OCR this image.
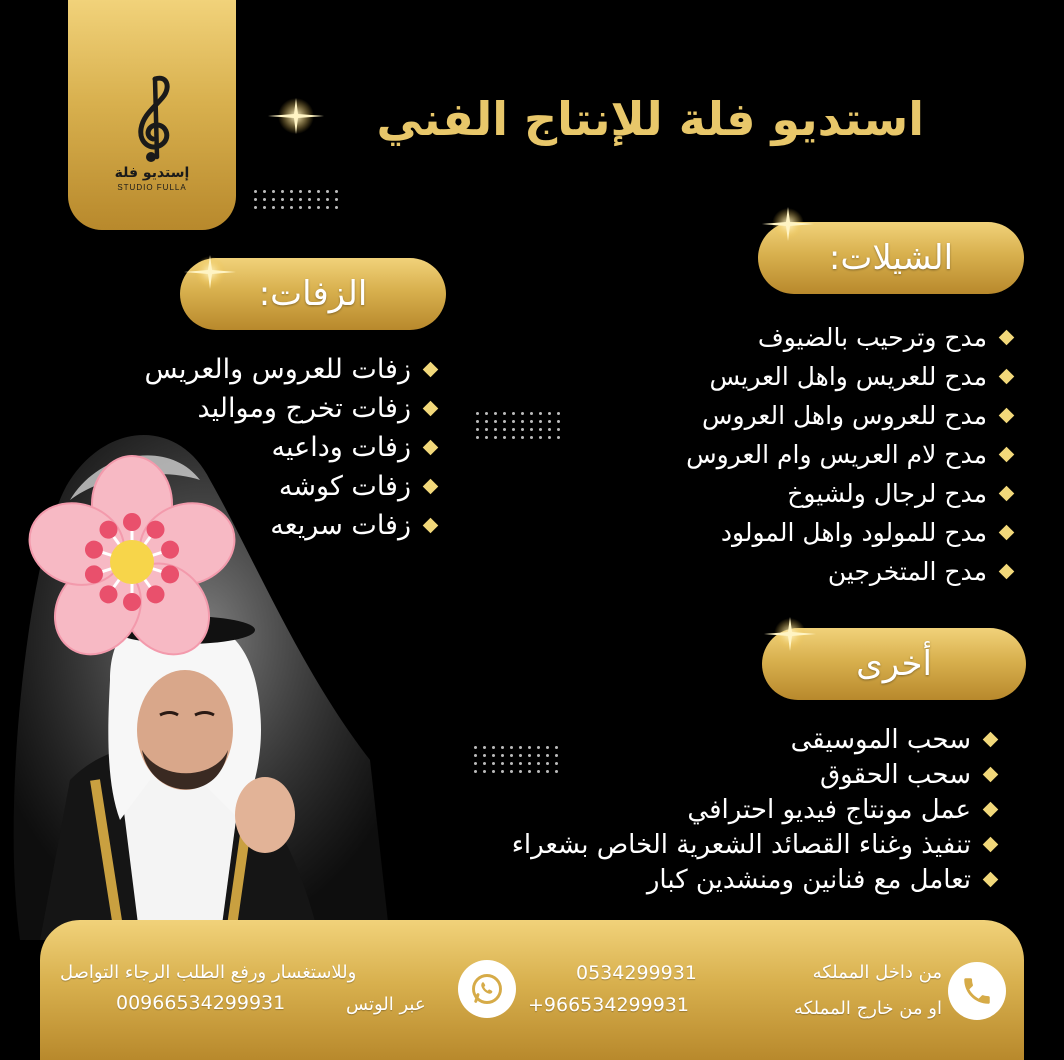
إستديو فلة
STUDIO FULLA
استديو فلة للإنتاج الفني
الشيلات:
مدح وترحيب بالضيوف
مدح للعريس واهل العريس
مدح للعروس واهل العروس
مدح لام العريس وام العروس
مدح لرجال ولشيوخ
مدح للمولود واهل المولود
مدح المتخرجين
الزفات:
زفات للعروس والعريس
زفات تخرج ومواليد
زفات وداعيه
زفات كوشه
زفات سريعه
أخرى
سحب الموسيقى
سحب الحقوق
عمل مونتاج فيديو احترافي
تنفيذ وغناء القصائد الشعرية الخاص بشعراء
تعامل مع فنانين ومنشدين كبار
من داخل المملكه
او من خارج المملكه
0534299931
+966534299931
وللاستغسار ورفع الطلب الرجاء التواصل
عبر الوتس
00966534299931
